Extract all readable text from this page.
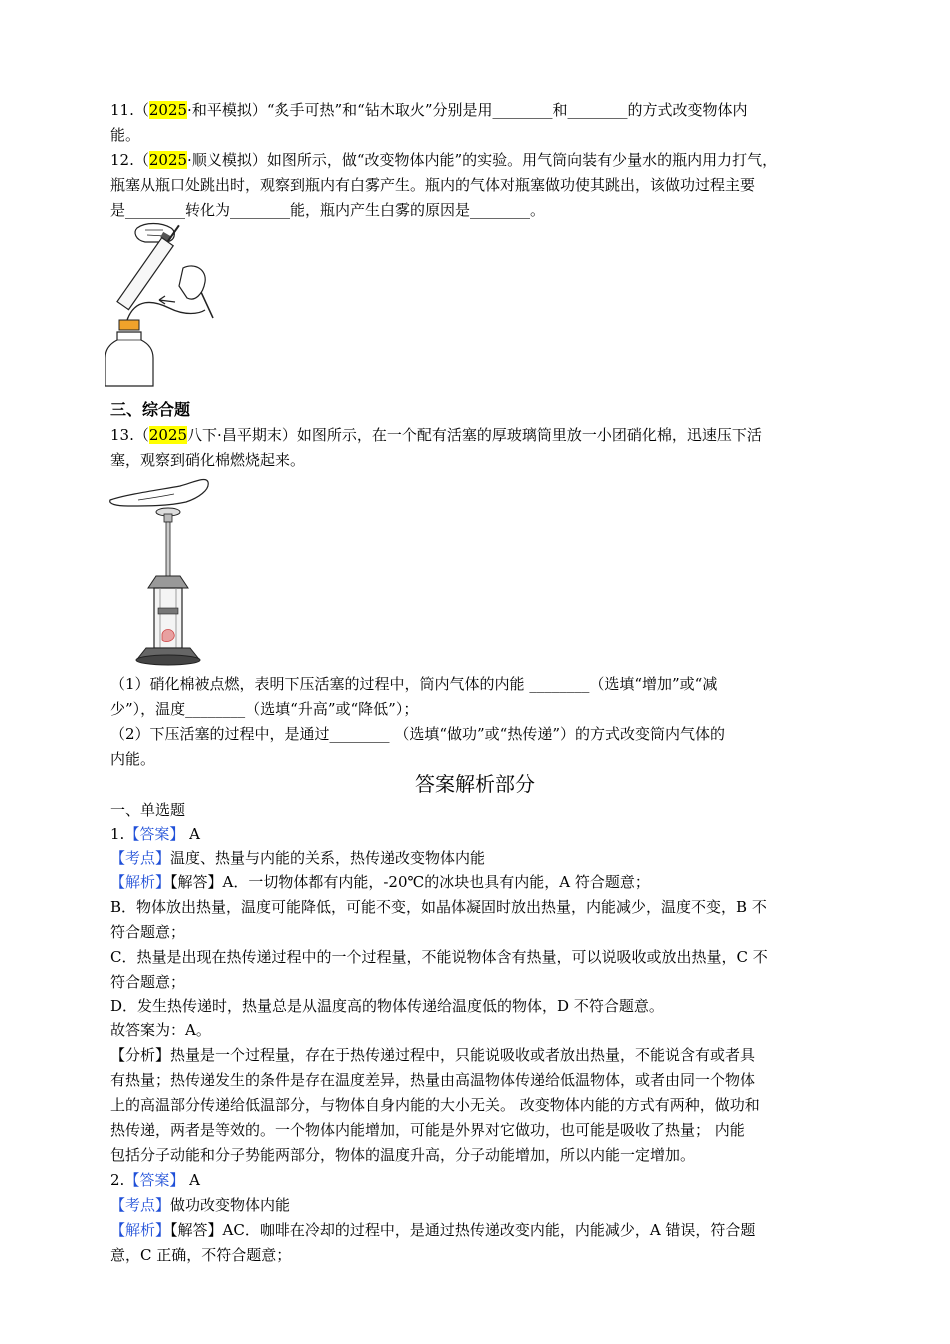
11.（2025·和平模拟）“炙手可热”和“钻木取火”分别是用________和________的方式改变物体内
能。
12.（2025·顺义模拟）如图所示，做“改变物体内能”的实验。用气筒向装有少量水的瓶内用力打气，
瓶塞从瓶口处跳出时，观察到瓶内有白雾产生。瓶内的气体对瓶塞做功使其跳出，该做功过程主要
是________转化为________能，瓶内产生白雾的原因是________。
三、综合题
13.（2025八下·昌平期末）如图所示，在一个配有活塞的厚玻璃筒里放一小团硝化棉，迅速压下活
塞，观察到硝化棉燃烧起来。
（1）硝化棉被点燃，表明下压活塞的过程中，筒内气体的内能 ________（选填“增加”或“减
少”），温度________（选填“升高”或“降低”）；
（2）下压活塞的过程中，是通过________ （选填“做功”或“热传递”）的方式改变筒内气体的
内能。
答案解析部分
一、单选题
1.【答案】 A
【考点】温度、热量与内能的关系，热传递改变物体内能
【解析】【解答】A．一切物体都有内能，-20℃的冰块也具有内能，A 符合题意；
B．物体放出热量，温度可能降低，可能不变，如晶体凝固时放出热量，内能减少，温度不变，B 不
符合题意；
C．热量是出现在热传递过程中的一个过程量，不能说物体含有热量，可以说吸收或放出热量，C 不
符合题意；
D．发生热传递时，热量总是从温度高的物体传递给温度低的物体，D 不符合题意。
故答案为：A。
【分析】热量是一个过程量，存在于热传递过程中，只能说吸收或者放出热量，不能说含有或者具
有热量；热传递发生的条件是存在温度差异，热量由高温物体传递给低温物体，或者由同一个物体
上的高温部分传递给低温部分，与物体自身内能的大小无关。 改变物体内能的方式有两种，做功和
热传递，两者是等效的。一个物体内能增加，可能是外界对它做功，也可能是吸收了热量； 内能
包括分子动能和分子势能两部分，物体的温度升高，分子动能增加，所以内能一定增加。
2.【答案】 A
【考点】做功改变物体内能
【解析】【解答】AC．咖啡在冷却的过程中，是通过热传递改变内能，内能减少，A 错误，符合题
意，C 正确，不符合题意；
